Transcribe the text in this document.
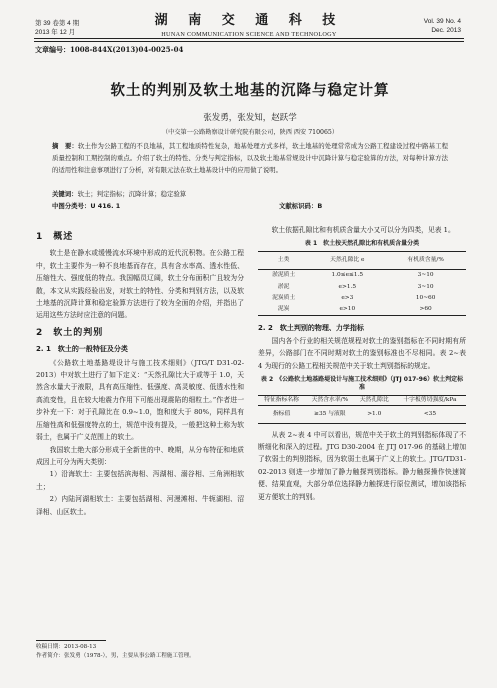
第 39 卷第 4 期
2013 年 12 月
湖 南 交 通 科 技
HUNAN COMMUNICATION SCIENCE AND TECHNOLOGY
Vol. 39 No. 4
Dec. 2013
文章编号：1008-844X(2013)04-0025-04
软土的判别及软土地基的沉降与稳定计算
张发勇，张发知，赵跃学
（中交第一公路勘察设计研究院有限公司，陕西 西安 710065）
摘　要：软土作为公路工程的不良地基，其工程地质特性复杂，地基处理方式多样，软土地基的处理常常成为公路工程建设过程中路基工程质量控制和工期控制的重点。介绍了软土的特性、分类与判定指标，以及软土地基常规设计中沉降计算与稳定验算的方法，对每种计算方法的适用性和注意事项进行了分析，对有限元法在软土地基设计中的应用做了说明。
关键词：软土；判定指标；沉降计算；稳定验算
中图分类号：U 416. 1	文献标识码：B
1　概述

软土是在静水或缓慢流水环境中形成的近代沉积物。在公路工程中，软土主要作为一种不良地基而存在，具有含水率高、透水性低、压缩性大、强度低的特点。我国幅员辽阔，软土分布面积广且较为分散，本文从实践经验出发，对软土的特性、分类和判别方法，以及软土地基的沉降计算和稳定验算方法进行了较为全面的介绍，并指出了运用这些方法时应注意的问题。

2　软土的判别
2. 1　软土的一般特征及分类

《公路软土地基路堤设计与施工技术细则》（JTG/T D31-02-2013）中对软土进行了如下定义：“天然孔隙比大于或等于 1.0，天然含水量大于液限，具有高压缩性、低强度、高灵敏度、低透水性和高流变性，且在较大地震力作用下可能出现震陷的细粒土。”作者进一步补充一下：对于孔隙比在 0.9~1.0，饱和度大于 80%，同样具有压缩性高和低强度特点的土，规范中没有提及，一般把这种土称为软弱土，也属于广义范围上的软土。

我国软土绝大部分形成于全新世的中、晚期，从分布特征和地质成因上可分为两大类别：

1）沿海软土：主要包括滨海相、泻湖相、溺谷相、三角洲相软土；

2）内陆河湖相软土：主要包括湖相、河漫滩相、牛轭湖相、沼泽相、山区软土。

软土依据孔隙比和有机质含量大小又可以分为四类，见表 1。

表 1　软土按天然孔隙比和有机质含量分类
土类	天然孔隙比 e	有机质含量/%
淤泥质土	1.0≤e≤1.5	3~10
淤泥	e>1.5	3~10
泥炭质土	e>3	10~60
泥炭	e>10	>60
2. 2　软土判别的物理、力学指标

国内各个行业的相关规范规程对软土的鉴别指标在不同时期有所差异，公路部门在不同时期对软土的鉴别标准也不尽相同。表 2~表 4 为现行的公路工程相关规范中关于软土判别指标的规定。

表 2　《公路软土地基路堤设计与施工技术细则》（JTJ 017-96）软土判定标准
特征指标名称	天然含水率/%	天然孔隙比	十字板剪切强度/kPa
指标值	≥35 与液限	>1.0	<35

从表 2~表 4 中可以看出，规范中关于软土的判别指标体现了不断细化和深入的过程。JTG D30-2004 在 JTJ 017-96 的基础上增加了软弱土的判别指标，因为软弱土也属于广义上的软土。JTG/TD31-02-2013 则进一步增加了静力触探判别指标。静力触探操作快速简便、结果直观，大部分单位选择静力触探进行原位测试，增加该指标更方便软土的判别。

收稿日期：2013-08-13
作者简介：张发勇（1978-），男，主要从事公路工程施工管理。
